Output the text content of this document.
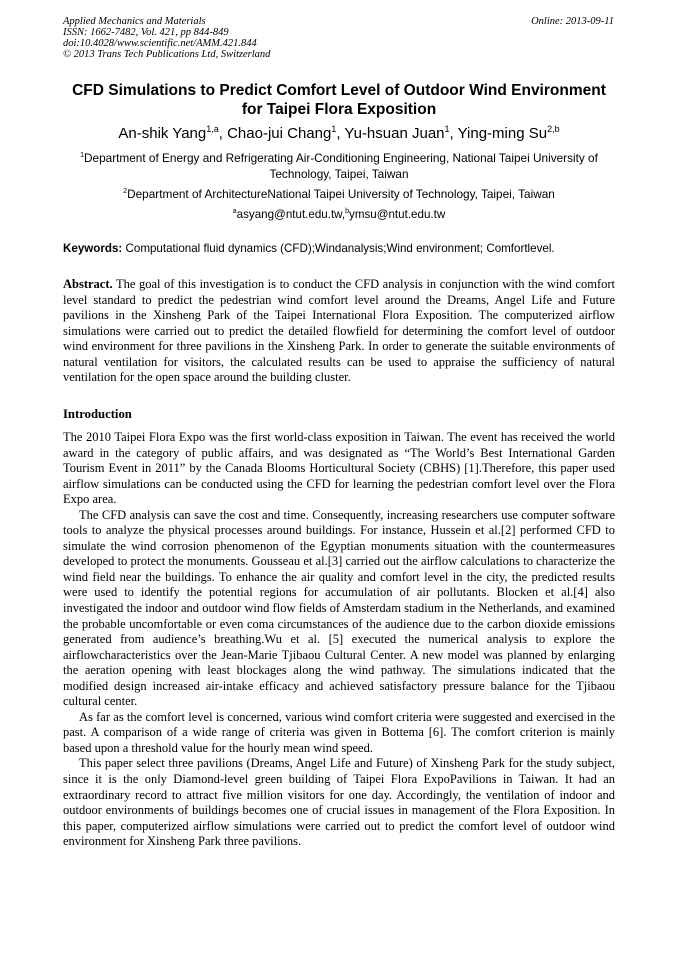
Applied Mechanics and Materials
ISSN: 1662-7482, Vol. 421, pp 844-849
doi:10.4028/www.scientific.net/AMM.421.844
© 2013 Trans Tech Publications Ltd, Switzerland
Online: 2013-09-11
CFD Simulations to Predict Comfort Level of Outdoor Wind Environment for Taipei Flora Exposition
An-shik Yang$^{1,a}$, Chao-jui Chang$^1$, Yu-hsuan Juan$^1$, Ying-ming Su$^{2,b}$
$^1$Department of Energy and Refrigerating Air-Conditioning Engineering, National Taipei University of Technology, Taipei, Taiwan
$^2$Department of ArchitectureNational Taipei University of Technology, Taipei, Taiwan
$^a$asyang@ntut.edu.tw,$^b$ymsu@ntut.edu.tw
Keywords: Computational fluid dynamics (CFD);Windanalysis;Wind environment; Comfortlevel.

Abstract. The goal of this investigation is to conduct the CFD analysis in conjunction with the wind comfort level standard to predict the pedestrian wind comfort level around the Dreams, Angel Life and Future pavilions in the Xinsheng Park of the Taipei International Flora Exposition. The computerized airflow simulations were carried out to predict the detailed flowfield for determining the comfort level of outdoor wind environment for three pavilions in the Xinsheng Park. In order to generate the suitable environments of natural ventilation for visitors, the calculated results can be used to appraise the sufficiency of natural ventilation for the open space around the building cluster.

Introduction

The 2010 Taipei Flora Expo was the first world-class exposition in Taiwan. The event has received the world award in the category of public affairs, and was designated as “The World’s Best International Garden Tourism Event in 2011” by the Canada Blooms Horticultural Society (CBHS) [1].Therefore, this paper used airflow simulations can be conducted using the CFD for learning the pedestrian comfort level over the Flora Expo area.

The CFD analysis can save the cost and time. Consequently, increasing researchers use computer software tools to analyze the physical processes around buildings. For instance, Hussein et al.[2] performed CFD to simulate the wind corrosion phenomenon of the Egyptian monuments situation with the countermeasures developed to protect the monuments. Gousseau et al.[3] carried out the airflow calculations to characterize the wind field near the buildings. To enhance the air quality and comfort level in the city, the predicted results were used to identify the potential regions for accumulation of air pollutants. Blocken et al.[4] also investigated the indoor and outdoor wind flow fields of Amsterdam stadium in the Netherlands, and examined the probable uncomfortable or even coma circumstances of the audience due to the carbon dioxide emissions generated from audience’s breathing.Wu et al. [5] executed the numerical analysis to explore the airflowcharacteristics over the Jean-Marie Tjibaou Cultural Center. A new model was planned by enlarging the aeration opening with least blockages along the wind pathway. The simulations indicated that the modified design increased air-intake efficacy and achieved satisfactory pressure balance for the Tjibaou cultural center.

As far as the comfort level is concerned, various wind comfort criteria were suggested and exercised in the past. A comparison of a wide range of criteria was given in Bottema [6]. The comfort criterion is mainly based upon a threshold value for the hourly mean wind speed.

This paper select three pavilions (Dreams, Angel Life and Future) of Xinsheng Park for the study subject, since it is the only Diamond-level green building of Taipei Flora ExpoPavilions in Taiwan. It had an extraordinary record to attract five million visitors for one day. Accordingly, the ventilation of indoor and outdoor environments of buildings becomes one of crucial issues in management of the Flora Exposition. In this paper, computerized airflow simulations were carried out to predict the comfort level of outdoor wind environment for Xinsheng Park three pavilions.
